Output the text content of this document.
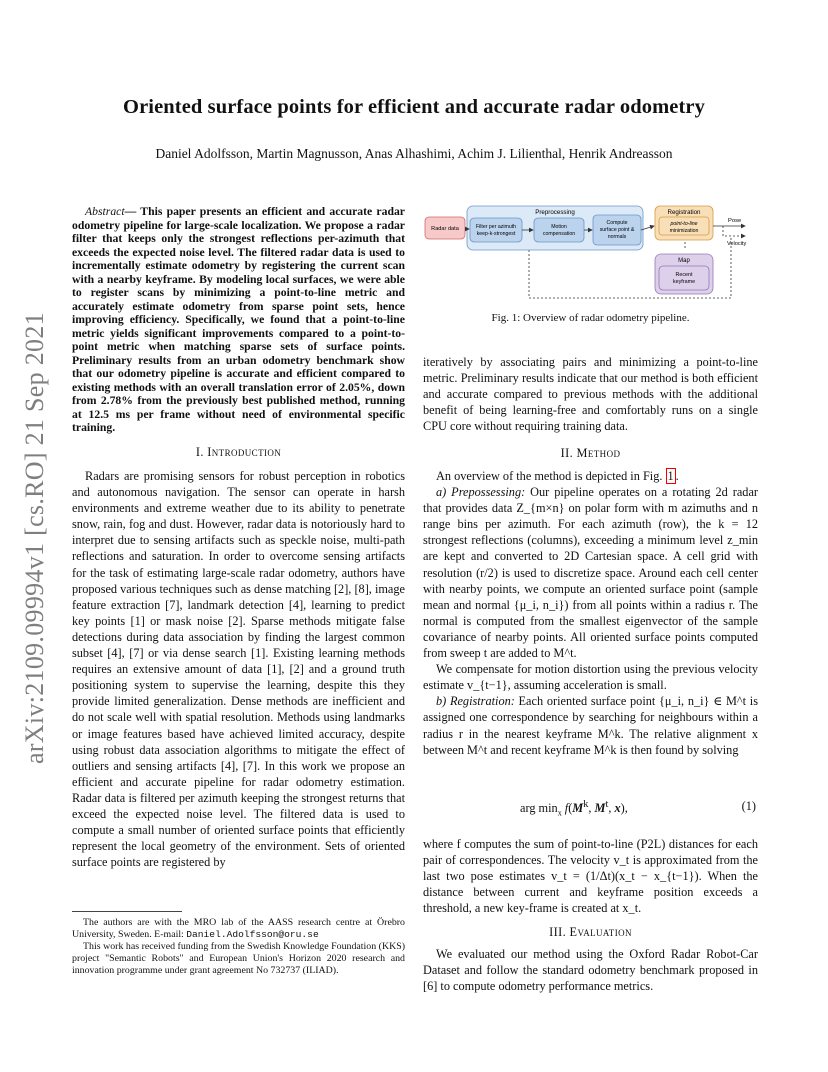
Oriented surface points for efficient and accurate radar odometry
Daniel Adolfsson, Martin Magnusson, Anas Alhashimi, Achim J. Lilienthal, Henrik Andreasson
arXiv:2109.09994v1 [cs.RO] 21 Sep 2021

Abstract— This paper presents an efficient and accurate radar odometry pipeline for large-scale localization. We propose a radar filter that keeps only the strongest reflections per-azimuth that exceeds the expected noise level. The filtered radar data is used to incrementally estimate odometry by registering the current scan with a nearby keyframe. By modeling local surfaces, we were able to register scans by minimizing a point-to-line metric and accurately estimate odometry from sparse point sets, hence improving efficiency. Specifically, we found that a point-to-line metric yields significant improvements compared to a point-to-point metric when matching sparse sets of surface points. Preliminary results from an urban odometry benchmark show that our odometry pipeline is accurate and efficient compared to existing methods with an overall translation error of 2.05%, down from 2.78% from the previously best published method, running at 12.5 ms per frame without need of environmental specific training.

I. Introduction

Radars are promising sensors for robust perception in robotics and autonomous navigation. The sensor can operate in harsh environments and extreme weather due to its ability to penetrate snow, rain, fog and dust. However, radar data is notoriously hard to interpret due to sensing artifacts such as speckle noise, multi-path reflections and saturation. In order to overcome sensing artifacts for the task of estimating large-scale radar odometry, authors have proposed various techniques such as dense matching [2], [8], image feature extraction [7], landmark detection [4], learning to predict key points [1] or mask noise [2]. Sparse methods mitigate false detections during data association by finding the largest common subset [4], [7] or via dense search [1]. Existing learning methods requires an extensive amount of data [1], [2] and a ground truth positioning system to supervise the learning, despite this they provide limited generalization. Dense methods are inefficient and do not scale well with spatial resolution. Methods using landmarks or image features based have achieved limited accuracy, despite using robust data association algorithms to mitigate the effect of outliers and sensing artifacts [4], [7]. In this work we propose an efficient and accurate pipeline for radar odometry estimation. Radar data is filtered per azimuth keeping the strongest returns that exceed the expected noise level. The filtered data is used to compute a small number of oriented surface points that efficiently represent the local geometry of the environment. Sets of oriented surface points are registered by

The authors are with the MRO lab of the AASS research centre at Örebro University, Sweden. E-mail: Daniel.Adolfsson@oru.se

This work has received funding from the Swedish Knowledge Foundation (KKS) project "Semantic Robots" and European Union's Horizon 2020 research and innovation programme under grant agreement No 732737 (ILIAD).

Preprocessing
Radar data	Filter per azimuth
keep-k-strongest
Motion
compensation
Compute
surface point &
normals
Registration
point-to-line
minimization
Map
Recent
keyframe
Pose
Velocity
Fig. 1: Overview of radar odometry pipeline.

iteratively by associating pairs and minimizing a point-to-line metric. Preliminary results indicate that our method is both efficient and accurate compared to previous methods with the additional benefit of being learning-free and comfortably runs on a single CPU core without requiring training data.

II. Method

An overview of the method is depicted in Fig. 1 .

a) Prepossessing: Our pipeline operates on a rotating 2d radar that provides data Z_{m×n} on polar form with m azimuths and n range bins per azimuth. For each azimuth (row), the k = 12 strongest reflections (columns), exceeding a minimum level z_min are kept and converted to 2D Cartesian space. A cell grid with resolution (r/2) is used to discretize space. Around each cell center with nearby points, we compute an oriented surface point (sample mean and normal {μ_i, n_i}) from all points within a radius r. The normal is computed from the smallest eigenvector of the sample covariance of nearby points. All oriented surface points computed from sweep t are added to M^t.

We compensate for motion distortion using the previous velocity estimate v_{t−1}, assuming acceleration is small.

b) Registration: Each oriented surface point {μ_i, n_i} ∈ M^t is assigned one correspondence by searching for neighbours within a radius r in the nearest keyframe M^k. The relative alignment x between M^t and recent keyframe M^k is then found by solving

arg $\min_x f(M^k$, $M^t$, x),	(1)

where f computes the sum of point-to-line (P2L) distances for each pair of correspondences. The velocity v_t is approximated from the last two pose estimates v_t = (1/Δt)(x_t − x_{t−1}). When the distance between current and keyframe position exceeds a threshold, a new key-frame is created at x_t.

III. Evaluation

We evaluated our method using the Oxford Radar Robot-Car Dataset and follow the standard odometry benchmark proposed in [6] to compute odometry performance metrics.
